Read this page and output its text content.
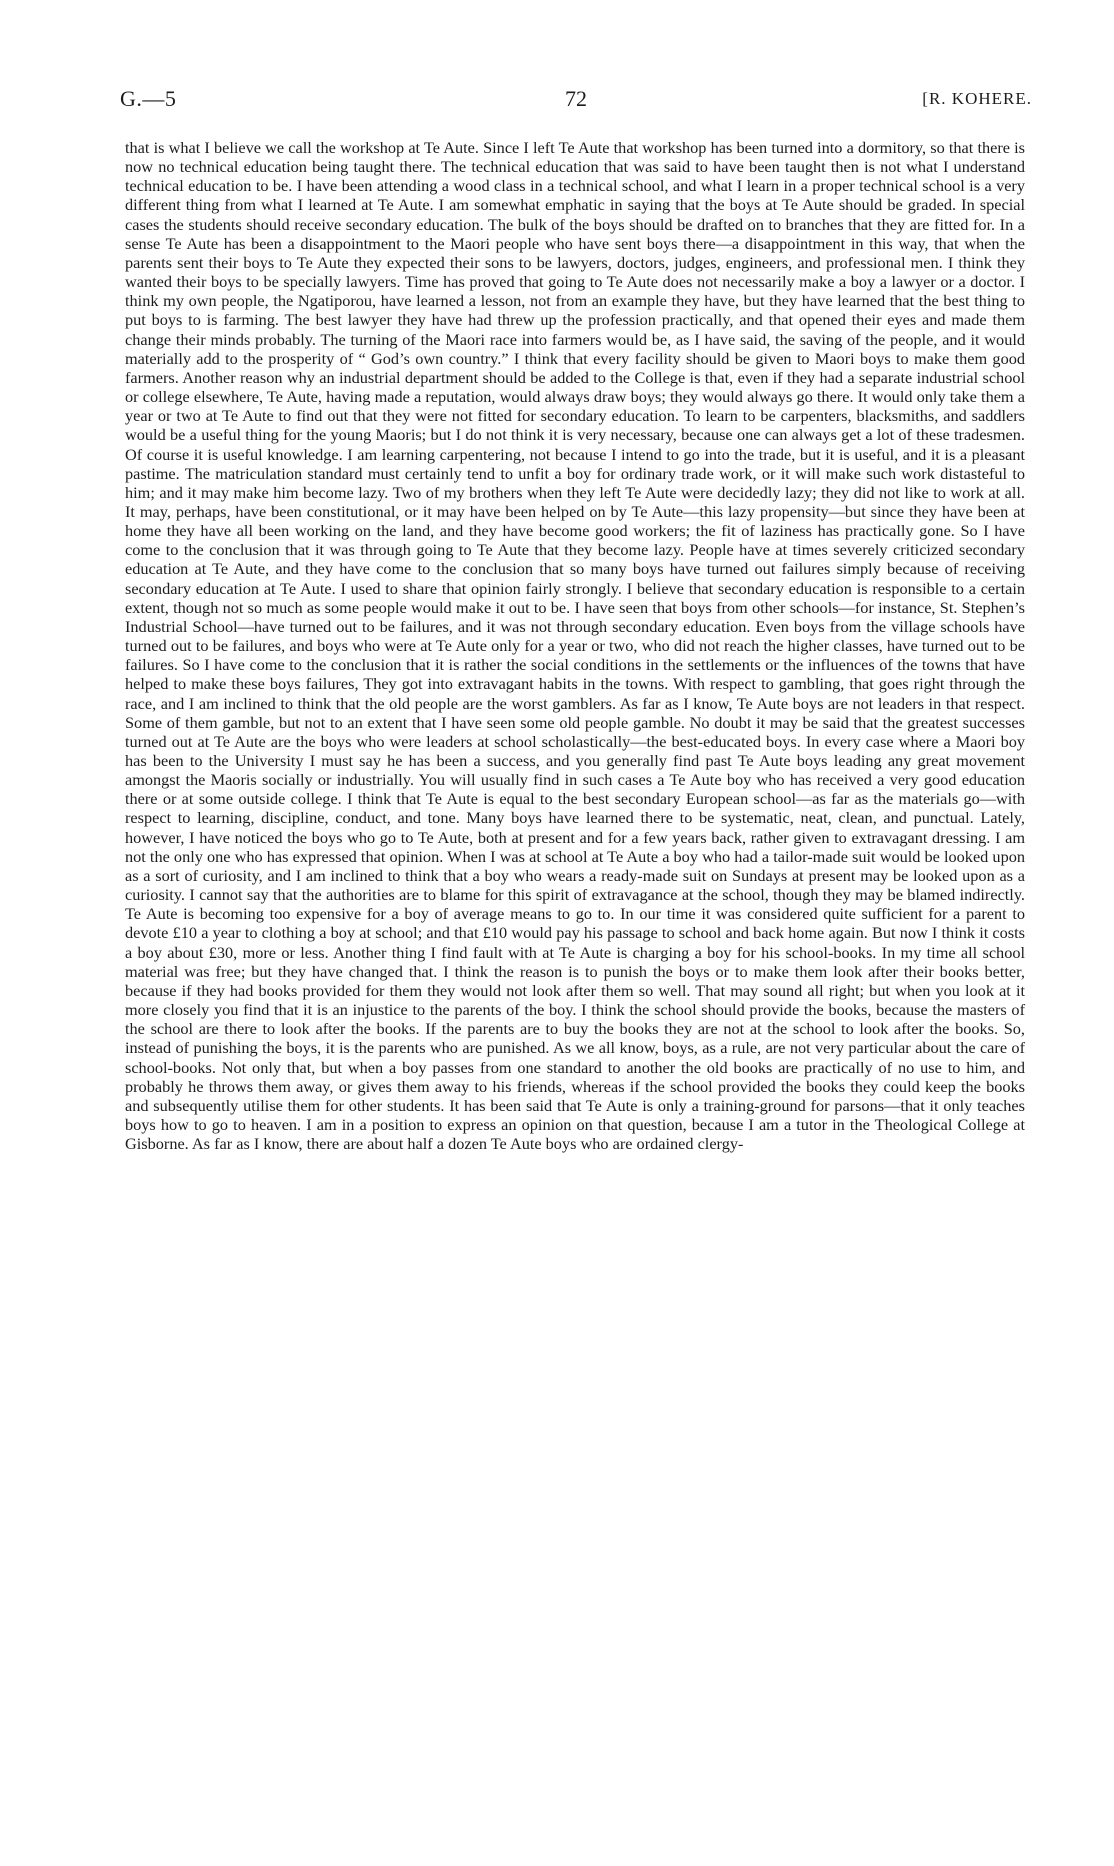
G.—5	72	[R. KOHERE.

that is what I believe we call the workshop at Te Aute. Since I left Te Aute that workshop has been turned into a dormitory, so that there is now no technical education being taught there. The technical education that was said to have been taught then is not what I understand technical education to be. I have been attending a wood class in a technical school, and what I learn in a proper technical school is a very different thing from what I learned at Te Aute. I am somewhat emphatic in saying that the boys at Te Aute should be graded. In special cases the students should receive secondary education. The bulk of the boys should be drafted on to branches that they are fitted for. In a sense Te Aute has been a disappointment to the Maori people who have sent boys there—a disappointment in this way, that when the parents sent their boys to Te Aute they expected their sons to be lawyers, doctors, judges, engineers, and professional men. I think they wanted their boys to be specially lawyers. Time has proved that going to Te Aute does not necessarily make a boy a lawyer or a doctor. I think my own people, the Ngatiporou, have learned a lesson, not from an example they have, but they have learned that the best thing to put boys to is farming. The best lawyer they have had threw up the profession practically, and that opened their eyes and made them change their minds probably. The turning of the Maori race into farmers would be, as I have said, the saving of the people, and it would materially add to the prosperity of “ God’s own country.” I think that every facility should be given to Maori boys to make them good farmers. Another reason why an industrial department should be added to the College is that, even if they had a separate industrial school or college elsewhere, Te Aute, having made a reputation, would always draw boys; they would always go there. It would only take them a year or two at Te Aute to find out that they were not fitted for secondary education. To learn to be carpenters, blacksmiths, and saddlers would be a useful thing for the young Maoris; but I do not think it is very necessary, because one can always get a lot of these tradesmen. Of course it is useful knowledge. I am learning carpentering, not because I intend to go into the trade, but it is useful, and it is a pleasant pastime. The matriculation standard must certainly tend to unfit a boy for ordinary trade work, or it will make such work distasteful to him; and it may make him become lazy. Two of my brothers when they left Te Aute were decidedly lazy; they did not like to work at all. It may, perhaps, have been constitutional, or it may have been helped on by Te Aute—this lazy propensity—but since they have been at home they have all been working on the land, and they have become good workers; the fit of laziness has practically gone. So I have come to the conclusion that it was through going to Te Aute that they become lazy. People have at times severely criticized secondary education at Te Aute, and they have come to the conclusion that so many boys have turned out failures simply because of receiving secondary education at Te Aute. I used to share that opinion fairly strongly. I believe that secondary education is responsible to a certain extent, though not so much as some people would make it out to be. I have seen that boys from other schools—for instance, St. Stephen’s Industrial School—have turned out to be failures, and it was not through secondary education. Even boys from the village schools have turned out to be failures, and boys who were at Te Aute only for a year or two, who did not reach the higher classes, have turned out to be failures. So I have come to the conclusion that it is rather the social conditions in the settlements or the influences of the towns that have helped to make these boys failures, They got into extravagant habits in the towns. With respect to gambling, that goes right through the race, and I am inclined to think that the old people are the worst gamblers. As far as I know, Te Aute boys are not leaders in that respect. Some of them gamble, but not to an extent that I have seen some old people gamble. No doubt it may be said that the greatest successes turned out at Te Aute are the boys who were leaders at school scholastically—the best-educated boys. In every case where a Maori boy has been to the University I must say he has been a success, and you generally find past Te Aute boys leading any great movement amongst the Maoris socially or industrially. You will usually find in such cases a Te Aute boy who has received a very good education there or at some outside college. I think that Te Aute is equal to the best secondary European school—as far as the materials go—with respect to learning, discipline, conduct, and tone. Many boys have learned there to be systematic, neat, clean, and punctual. Lately, however, I have noticed the boys who go to Te Aute, both at present and for a few years back, rather given to extravagant dressing. I am not the only one who has expressed that opinion. When I was at school at Te Aute a boy who had a tailor-made suit would be looked upon as a sort of curiosity, and I am inclined to think that a boy who wears a ready-made suit on Sundays at present may be looked upon as a curiosity. I cannot say that the authorities are to blame for this spirit of extravagance at the school, though they may be blamed indirectly. Te Aute is becoming too expensive for a boy of average means to go to. In our time it was considered quite sufficient for a parent to devote £10 a year to clothing a boy at school; and that £10 would pay his passage to school and back home again. But now I think it costs a boy about £30, more or less. Another thing I find fault with at Te Aute is charging a boy for his school-books. In my time all school material was free; but they have changed that. I think the reason is to punish the boys or to make them look after their books better, because if they had books provided for them they would not look after them so well. That may sound all right; but when you look at it more closely you find that it is an injustice to the parents of the boy. I think the school should provide the books, because the masters of the school are there to look after the books. If the parents are to buy the books they are not at the school to look after the books. So, instead of punishing the boys, it is the parents who are punished. As we all know, boys, as a rule, are not very particular about the care of school-books. Not only that, but when a boy passes from one standard to another the old books are practically of no use to him, and probably he throws them away, or gives them away to his friends, whereas if the school provided the books they could keep the books and subsequently utilise them for other students. It has been said that Te Aute is only a training-ground for parsons—that it only teaches boys how to go to heaven. I am in a position to express an opinion on that question, because I am a tutor in the Theological College at Gisborne. As far as I know, there are about half a dozen Te Aute boys who are ordained clergy-
